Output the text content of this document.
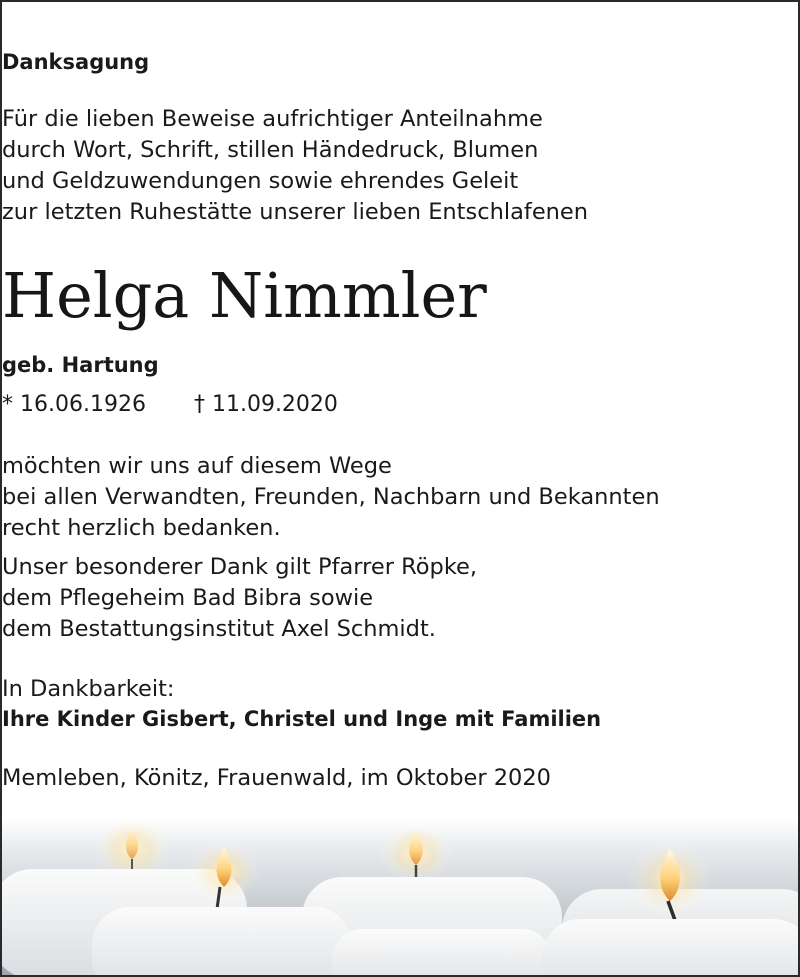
Danksagung
Für die lieben Beweise aufrichtiger Anteilnahme
durch Wort, Schrift, stillen Händedruck, Blumen
und Geldzuwendungen sowie ehrendes Geleit
zur letzten Ruhestätte unserer lieben Entschlafenen
Helga Nimmler
geb. Hartung
* 16.06.1926 † 11.09.2020
möchten wir uns auf diesem Wege
bei allen Verwandten, Freunden, Nachbarn und Bekannten
recht herzlich bedanken.
Unser besonderer Dank gilt Pfarrer Röpke,
dem Pflegeheim Bad Bibra sowie
dem Bestattungsinstitut Axel Schmidt.
In Dankbarkeit:
Ihre Kinder Gisbert, Christel und Inge mit Familien
Memleben, Könitz, Frauenwald, im Oktober 2020
